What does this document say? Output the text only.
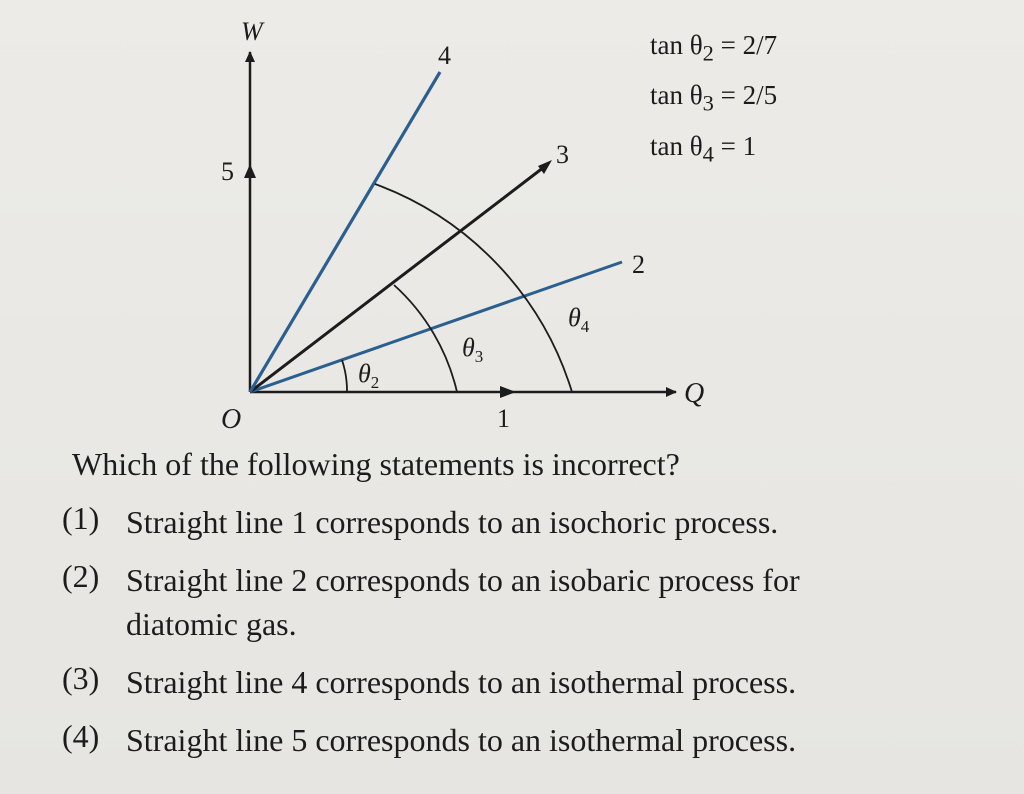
W
Q
O
5
1
2
3
4
$\theta_2$
$\theta_3$
$\theta_4$
$\tan \theta_2 = 2/7$
$\tan \theta_3 = 2/5$
$\tan \theta_4 = 1$
Which of the following statements is incorrect?
(1) Straight line 1 corresponds to an isochoric process.
(2) Straight line 2 corresponds to an isobaric process for
diatomic gas.
(3) Straight line 4 corresponds to an isothermal process.
(4) Straight line 5 corresponds to an isothermal process.
